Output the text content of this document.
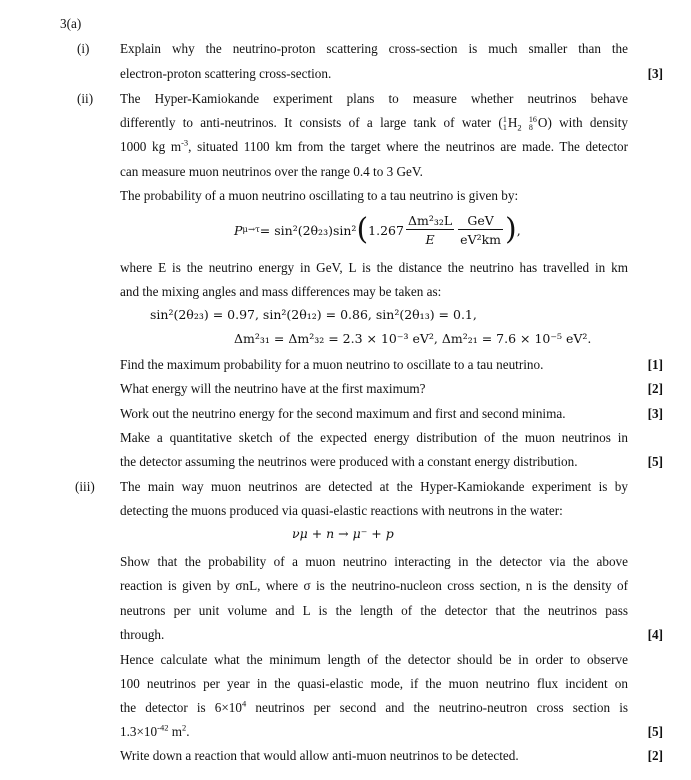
3(a)
(i) Explain why the neutrino-proton scattering cross-section is much smaller than the
electron-proton scattering cross-section.	[3]
(ii) The Hyper-Kamiokande experiment plans to measure whether neutrinos behave
differently to anti-neutrinos. It consists of a large tank of water ( 1
1 $H_2$
16
8 O) with density
1000 kg $m^{-3}$, situated 1100 km from the target where the neutrinos are made. The detector
can measure muon neutrinos over the range 0.4 to 3 GeV.
The probability of a muon neutrino oscillating to a tau neutrino is given by:
P μ→τ = sin²(2θ₂₃)sin² ( $1.267 \frac{\text{Δm²₃₂L}}{E} \frac{\text{GeV}}{\text{eV²km}}$ ) ,
where E is the neutrino energy in GeV, L is the distance the neutrino has travelled in km
and the mixing angles and mass differences may be taken as:
sin²(2θ₂₃) = 0.97, sin²(2θ₁₂) = 0.86, sin²(2θ₁₃) = 0.1,
Δm²₃₁ = Δm²₃₂ = 2.3 × 10⁻³ eV², Δm²₂₁ = 7.6 × 10⁻⁵ eV².
Find the maximum probability for a muon neutrino to oscillate to a tau neutrino.	[1]
What energy will the neutrino have at the first maximum?	[2]
Work out the neutrino energy for the second maximum and first and second minima.	[3]
Make a quantitative sketch of the expected energy distribution of the muon neutrinos in
the detector assuming the neutrinos were produced with a constant energy distribution.	[5]
(iii) The main way muon neutrinos are detected at the Hyper-Kamiokande experiment is by
detecting the muons produced via quasi-elastic reactions with neutrons in the water:
νμ + n → μ⁻ + p
Show that the probability of a muon neutrino interacting in the detector via the above
reaction is given by σnL, where σ is the neutrino-nucleon cross section, n is the density of
neutrons per unit volume and L is the length of the detector that the neutrinos pass
through.	[4]
Hence calculate what the minimum length of the detector should be in order to observe
100 neutrinos per year in the quasi-elastic mode, if the muon neutrino flux incident on
the detector is $6\times 10^4$ neutrinos per second and the neutrino-neutron cross section is
$1.3\times 10^{-42}$ $m^2$.	[5]
Write down a reaction that would allow anti-muon neutrinos to be detected.	[2]
